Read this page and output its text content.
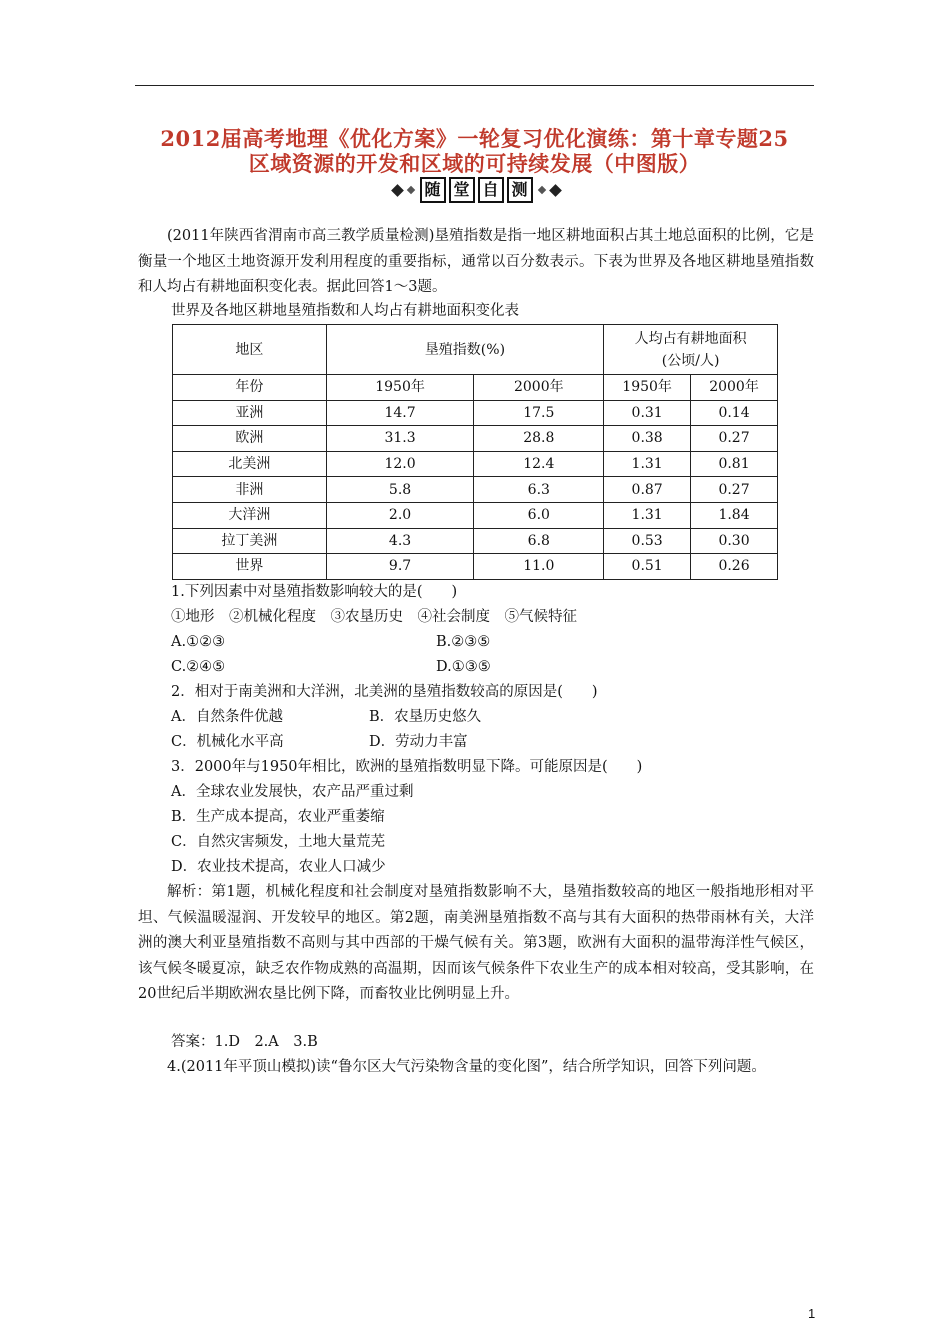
2012届高考地理《优化方案》一轮复习优化演练：第十章专题25
区域资源的开发和区域的可持续发展（中图版）
随 堂 自 测
(2011年陕西省渭南市高三教学质量检测)垦殖指数是指一地区耕地面积占其土地总面积的比例，它是衡量一个地区土地资源开发利用程度的重要指标，通常以百分数表示。下表为世界及各地区耕地垦殖指数和人均占有耕地面积变化表。据此回答1～3题。
世界及各地区耕地垦殖指数和人均占有耕地面积变化表
地区	垦殖指数(%)		人均占有耕地面积
(公顷/人)	

年份	1950年	2000年	1950年	2000年
亚洲	14.7	17.5	0.31	0.14
欧洲	31.3	28.8	0.38	0.27
北美洲	12.0	12.4	1.31	0.81
非洲	5.8	6.3	0.87	0.27
大洋洲	2.0	6.0	1.31	1.84
拉丁美洲	4.3	6.8	0.53	0.30
世界	9.7	11.0	0.51	0.26
1.下列因素中对垦殖指数影响较大的是(　　)
①地形　②机械化程度　③农垦历史　④社会制度　⑤气候特征
A.①②③	B.②③⑤
C.②④⑤	D.①③⑤
2．相对于南美洲和大洋洲，北美洲的垦殖指数较高的原因是(　　)
A．自然条件优越	B．农垦历史悠久
C．机械化水平高	D．劳动力丰富
3．2000年与1950年相比，欧洲的垦殖指数明显下降。可能原因是(　　)
A．全球农业发展快，农产品严重过剩
B．生产成本提高，农业严重萎缩
C．自然灾害频发，土地大量荒芜
D．农业技术提高，农业人口减少
解析：第1题，机械化程度和社会制度对垦殖指数影响不大，垦殖指数较高的地区一般指地形相对平坦、气候温暖湿润、开发较早的地区。第2题，南美洲垦殖指数不高与其有大面积的热带雨林有关，大洋洲的澳大利亚垦殖指数不高则与其中西部的干燥气候有关。第3题，欧洲有大面积的温带海洋性气候区，该气候冬暖夏凉，缺乏农作物成熟的高温期，因而该气候条件下农业生产的成本相对较高，受其影响，在20世纪后半期欧洲农垦比例下降，而畜牧业比例明显上升。
答案：1.D　2.A　3.B
4.(2011年平顶山模拟)读“鲁尔区大气污染物含量的变化图”，结合所学知识，回答下列问题。
1
